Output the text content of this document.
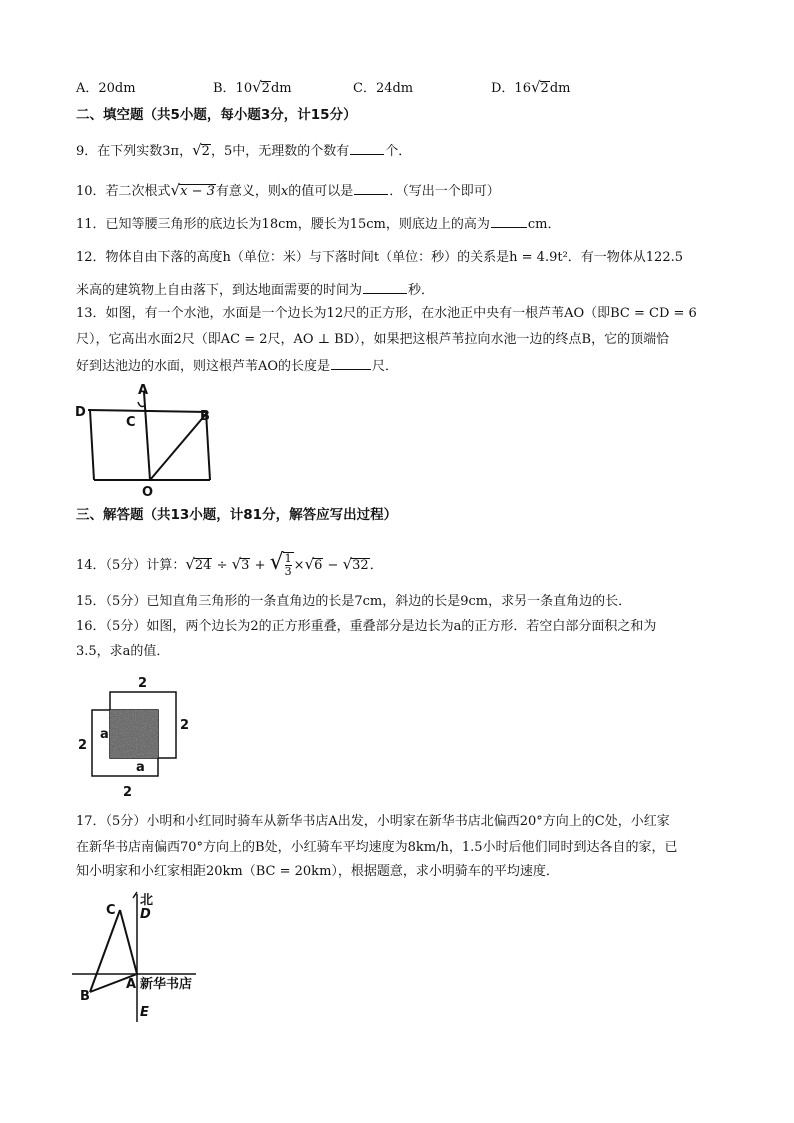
A．20dm	B．10√2dm	C．24dm	D．16√2dm
二、填空题（共5小题，每小题3分，计15分）
9．在下列实数3π，√2，5中，无理数的个数有	个．
10．若二次根式√x − 3有意义，则x的值可以是	．（写出一个即可）
11．已知等腰三角形的底边长为18cm，腰长为15cm，则底边上的高为	cm．
12．物体自由下落的高度h（单位：米）与下落时间t（单位：秒）的关系是h = 4.9t²．有一物体从122.5
米高的建筑物上自由落下，到达地面需要的时间为	秒．
13．如图，有一个水池，水面是一个边长为12尺的正方形，在水池正中央有一根芦苇AO（即BC = CD = 6
尺），它高出水面2尺（即AC = 2尺，AO ⊥ BD），如果把这根芦苇拉向水池一边的终点B，它的顶端恰
好到达池边的水面，则这根芦苇AO的长度是	尺．
A
D
C	B
O
三、解答题（共13小题，计81分，解答应写出过程）
14．（5分）计算：√24 ÷ √3 + √ $\frac{1}{3} \times√6 - √32$．
15．（5分）已知直角三角形的一条直角边的长是7cm，斜边的长是9cm，求另一条直角边的长．
16．（5分）如图，两个边长为2的正方形重叠，重叠部分是边长为a的正方形．若空白部分面积之和为
3.5，求a的值．
2
2
2
2
a
a
17．（5分）小明和小红同时骑车从新华书店A出发，小明家在新华书店北偏西20°方向上的C处，小红家
在新华书店南偏西70°方向上的B处，小红骑车平均速度为8km/h，1.5小时后他们同时到达各自的家，已
知小明家和小红家相距20km（BC = 20km），根据题意，求小明骑车的平均速度．
北
C D
B
A 新华书店
E
